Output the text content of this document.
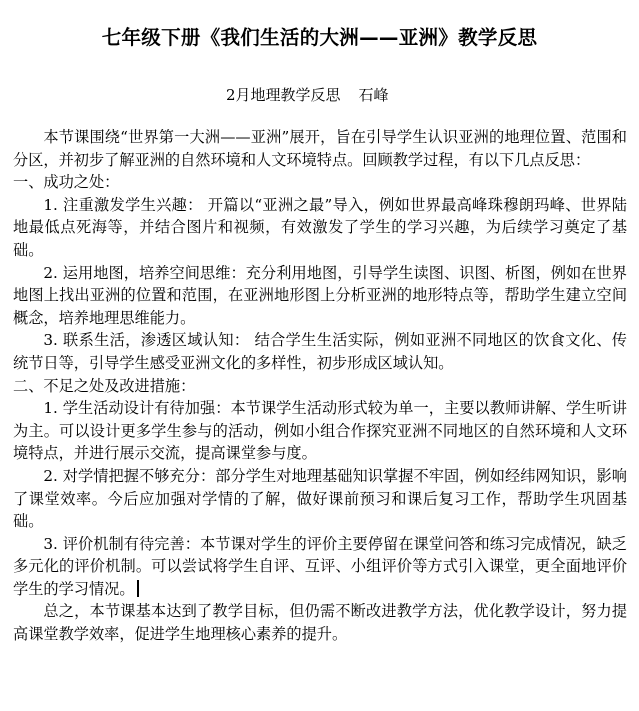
七年级下册《我们生活的大洲——亚洲》教学反思
2月地理教学反思 石峰

本节课围绕“世界第一大洲——亚洲”展开，旨在引导学生认识亚洲的地理位置、范围和分区，并初步了解亚洲的自然环境和人文环境特点。回顾教学过程，有以下几点反思：

一、成功之处：

1. 注重激发学生兴趣： 开篇以“亚洲之最”导入，例如世界最高峰珠穆朗玛峰、世界陆地最低点死海等，并结合图片和视频，有效激发了学生的学习兴趣，为后续学习奠定了基础。

2. 运用地图，培养空间思维：充分利用地图，引导学生读图、识图、析图，例如在世界地图上找出亚洲的位置和范围，在亚洲地形图上分析亚洲的地形特点等，帮助学生建立空间概念，培养地理思维能力。

3. 联系生活，渗透区域认知： 结合学生生活实际，例如亚洲不同地区的饮食文化、传统节日等，引导学生感受亚洲文化的多样性，初步形成区域认知。

二、不足之处及改进措施：

1. 学生活动设计有待加强：本节课学生活动形式较为单一，主要以教师讲解、学生听讲为主。可以设计更多学生参与的活动，例如小组合作探究亚洲不同地区的自然环境和人文环境特点，并进行展示交流，提高课堂参与度。

2. 对学情把握不够充分：部分学生对地理基础知识掌握不牢固，例如经纬网知识，影响了课堂效率。今后应加强对学情的了解，做好课前预习和课后复习工作，帮助学生巩固基础。

3. 评价机制有待完善：本节课对学生的评价主要停留在课堂问答和练习完成情况，缺乏多元化的评价机制。可以尝试将学生自评、互评、小组评价等方式引入课堂，更全面地评价学生的学习情况。

总之，本节课基本达到了教学目标，但仍需不断改进教学方法，优化教学设计，努力提高课堂教学效率，促进学生地理核心素养的提升。
